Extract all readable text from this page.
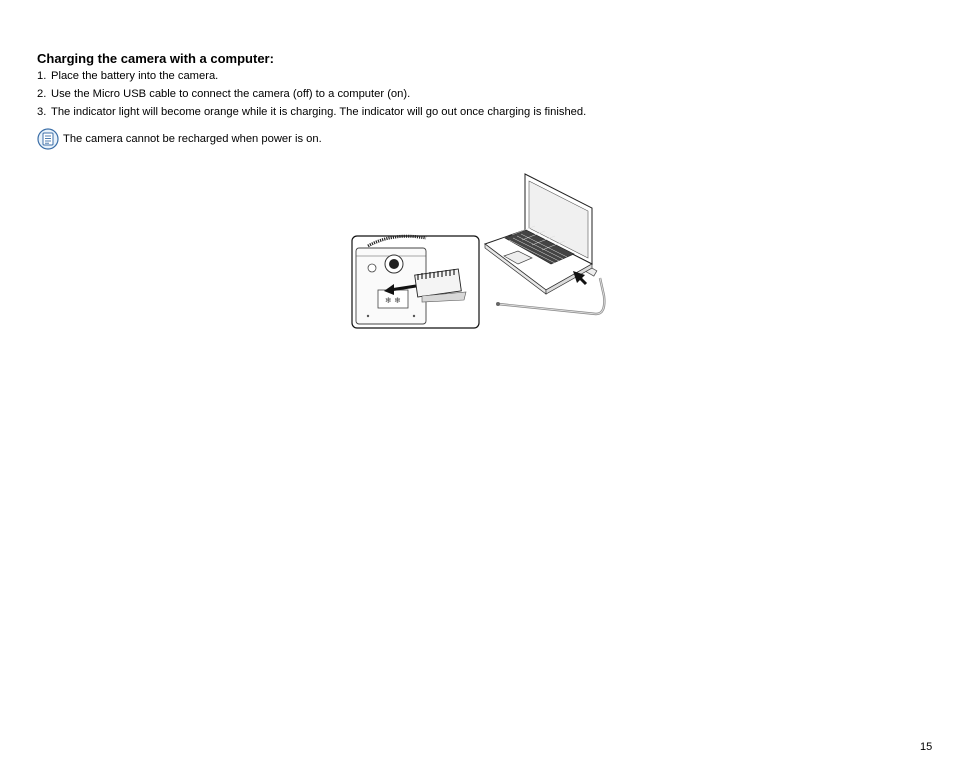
Charging the camera with a computer:
1. Place the battery into the camera.
2. Use the Micro USB cable to connect the camera (off) to a computer (on).
3. The indicator light will become orange while it is charging. The indicator will go out once charging is finished.
The camera cannot be recharged when power is on.
❄ ❄
15
